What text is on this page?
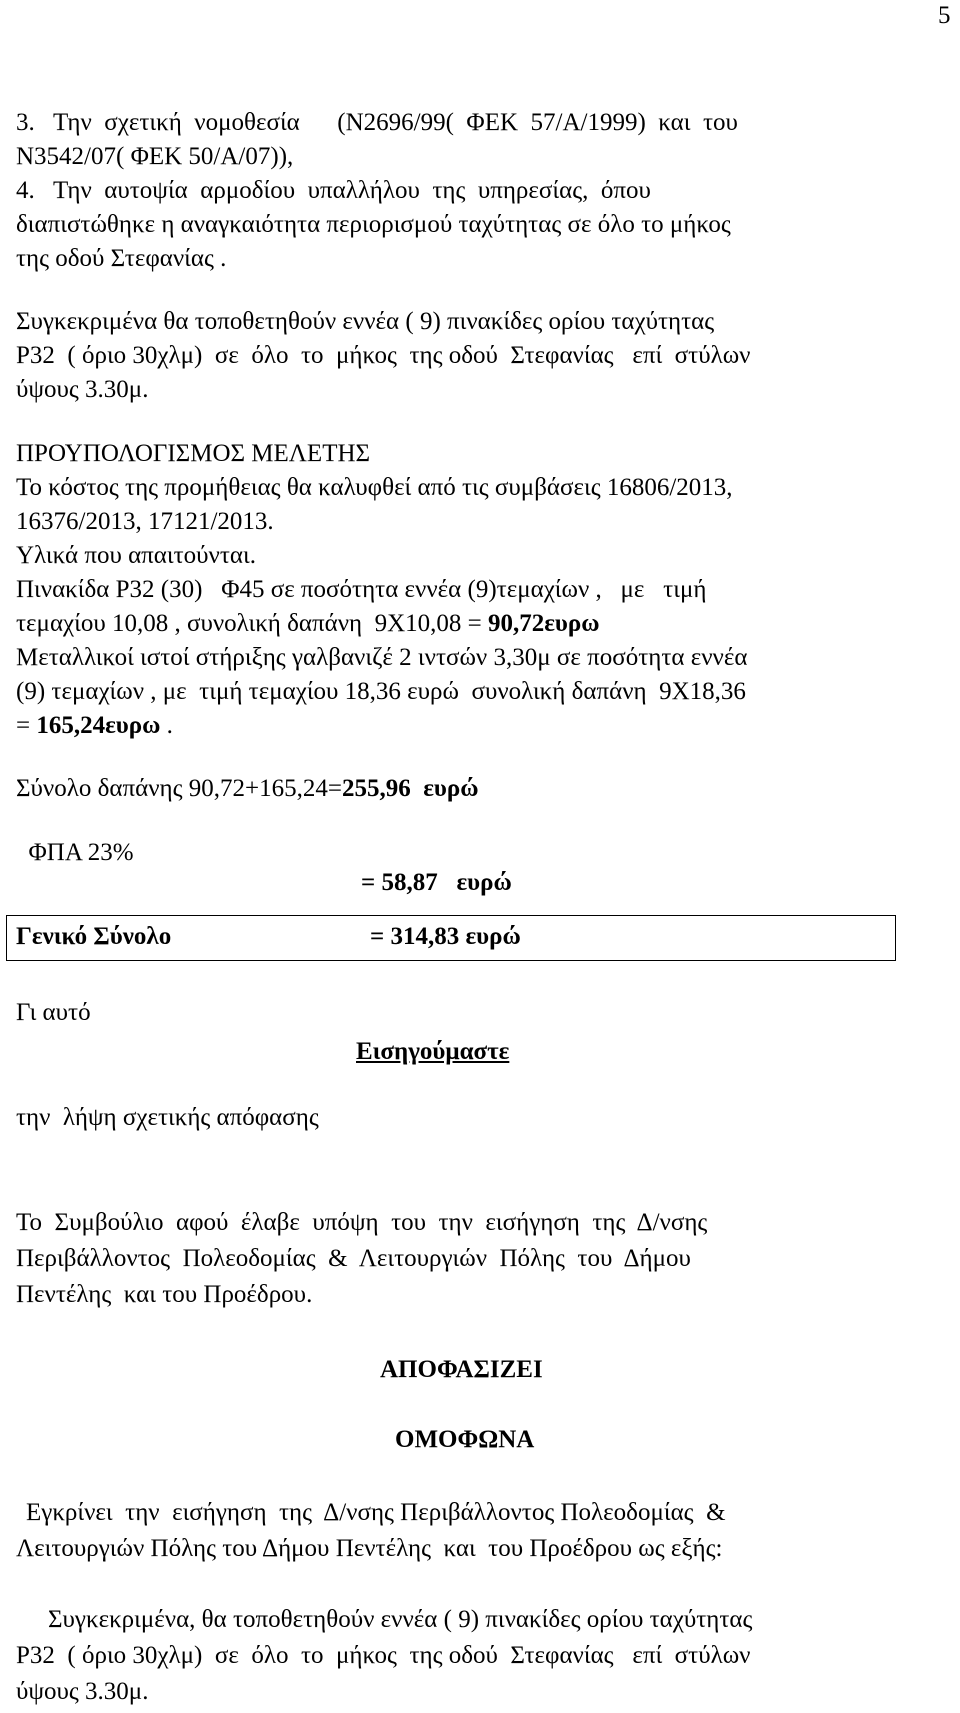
5
3.   Την  σχετική  νομοθεσία      (Ν2696/99(  ΦΕΚ  57/Α/1999)  και  του
Ν3542/07( ΦΕΚ 50/Α/07)),
4.   Την  αυτοψία  αρμοδίου  υπαλλήλου  της  υπηρεσίας,  όπου
διαπιστώθηκε η αναγκαιότητα περιορισμού ταχύτητας σε όλο το μήκος
της οδού Στεφανίας .
Συγκεκριμένα θα τοποθετηθούν εννέα ( 9) πινακίδες ορίου ταχύτητας
Ρ32  ( όριο 30χλμ)  σε  όλο  το  μήκος  της οδού  Στεφανίας   επί  στύλων
ύψους 3.30μ.
ΠΡΟΥΠΟΛΟΓΙΣΜΟΣ ΜΕΛΕΤΗΣ
Το κόστος της προμήθειας θα καλυφθεί από τις συμβάσεις 16806/2013,
16376/2013, 17121/2013.
Υλικά που απαιτούνται.
Πινακίδα Ρ32 (30)   Φ45 σε ποσότητα εννέα (9)τεμαχίων ,   με   τιμή
τεμαχίου 10,08 , συνολική δαπάνη  9Χ10,08 = 90,72ευρω
Μεταλλικοί ιστοί στήριξης γαλβανιζέ 2 ιντσών 3,30μ σε ποσότητα εννέα
(9) τεμαχίων , με  τιμή τεμαχίου 18,36 ευρώ  συνολική δαπάνη  9Χ18,36
= 165,24ευρω .
Σύνολο δαπάνης 90,72+165,24=255,96  ευρώ

ΦΠΑ 23%

= 58,87   ευρώ

Γενικό Σύνολο	= 314,83 ευρώ
Γι αυτό
Εισηγούμαστε
την  λήψη σχετικής απόφασης
Το  Συμβούλιο  αφού  έλαβε  υπόψη  του  την  εισήγηση  της  Δ/νσης
Περιβάλλοντος  Πολεοδομίας  &  Λειτουργιών  Πόλης  του  Δήμου
Πεντέλης  και του Προέδρου.
ΑΠΟΦΑΣΙΖΕΙ
ΟΜΟΦΩΝΑ
Εγκρίνει  την  εισήγηση  της  Δ/νσης Περιβάλλοντος Πολεοδομίας  &
Λειτουργιών Πόλης του Δήμου Πεντέλης  και  του Προέδρου ως εξής:
Συγκεκριμένα, θα τοποθετηθούν εννέα ( 9) πινακίδες ορίου ταχύτητας
Ρ32  ( όριο 30χλμ)  σε  όλο  το  μήκος  της οδού  Στεφανίας   επί  στύλων
ύψους 3.30μ.
